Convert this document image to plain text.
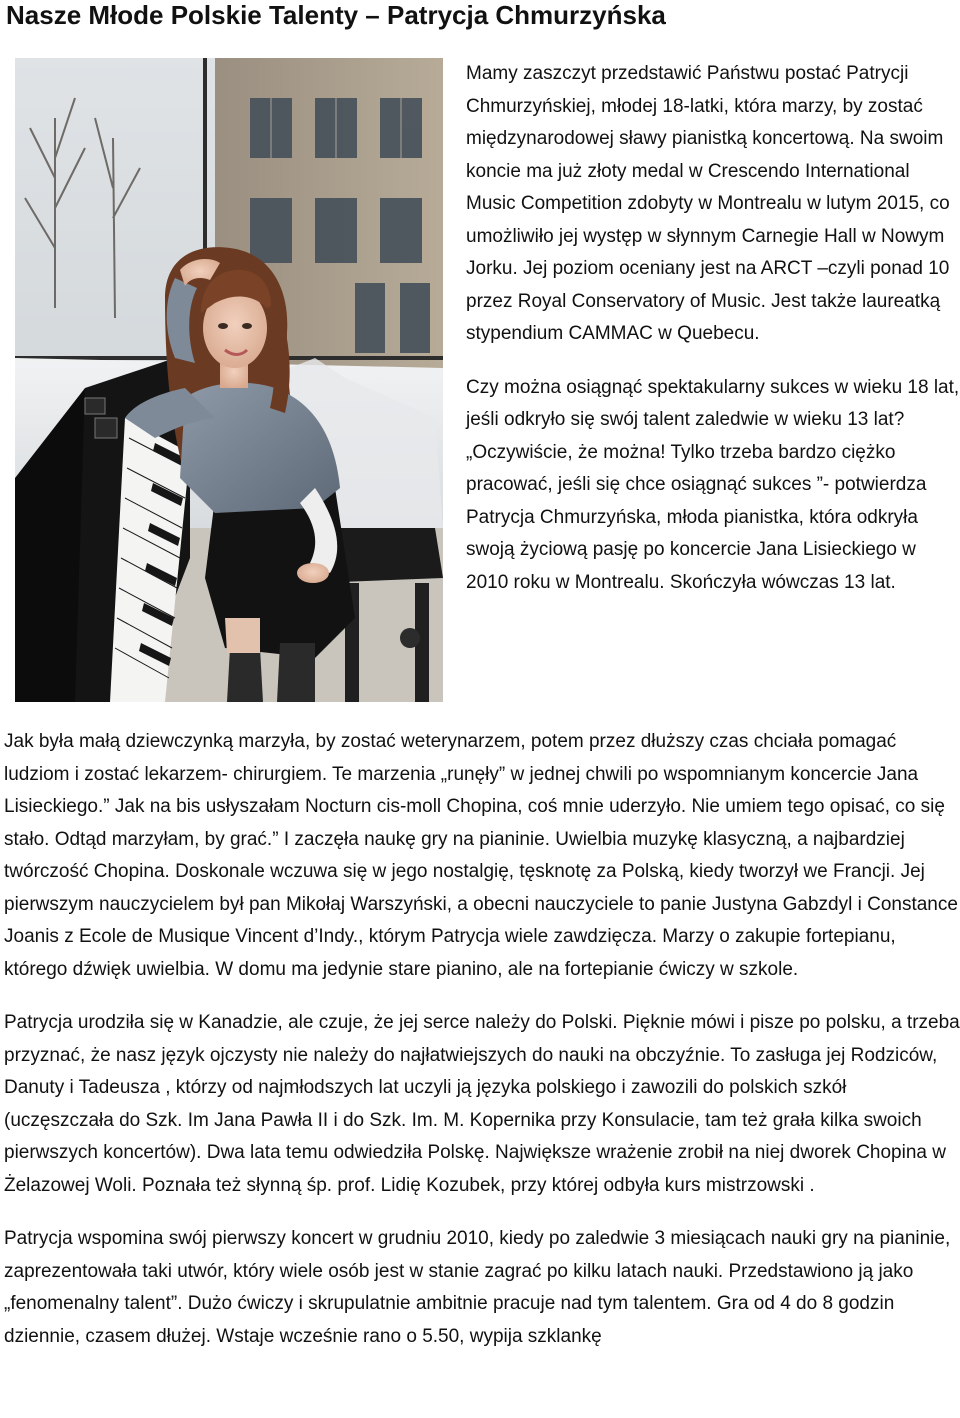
Nasze Młode Polskie Talenty – Patrycja Chmurzyńska

Mamy zaszczyt przedstawić Państwu postać Patrycji Chmurzyńskiej, młodej 18-latki, która marzy, by zostać międzynarodowej sławy pianistką koncertową. Na swoim koncie ma już złoty medal w Crescendo International Music Competition zdobyty w Montrealu w lutym 2015, co umożliwiło jej występ w słynnym Carnegie Hall w Nowym Jorku. Jej poziom oceniany jest na ARCT –czyli ponad 10 przez Royal Conservatory of Music. Jest także laureatką stypendium CAMMAC w Quebecu.

Czy można osiągnąć spektakularny sukces w wieku 18 lat, jeśli odkryło się swój talent zaledwie w wieku 13 lat? „Oczywiście, że można! Tylko trzeba bardzo ciężko pracować, jeśli się chce osiągnąć sukces ”- potwierdza Patrycja Chmurzyńska, młoda pianistka, która odkryła swoją życiową pasję po koncercie Jana Lisieckiego w 2010 roku w Montrealu. Skończyła wówczas 13 lat.

Jak była małą dziewczynką marzyła, by zostać weterynarzem, potem przez dłuższy czas chciała pomagać ludziom i zostać lekarzem- chirurgiem. Te marzenia „runęły” w jednej chwili po wspomnianym koncercie Jana Lisieckiego.” Jak na bis usłyszałam Nocturn cis-moll Chopina, coś mnie uderzyło. Nie umiem tego opisać, co się stało. Odtąd marzyłam, by grać.” I zaczęła naukę gry na pianinie. Uwielbia muzykę klasyczną, a najbardziej twórczość Chopina. Doskonale wczuwa się w jego nostalgię, tęsknotę za Polską, kiedy tworzył we Francji. Jej pierwszym nauczycielem był pan Mikołaj Warszyński, a obecni nauczyciele to panie Justyna Gabzdyl i Constance Joanis z Ecole de Musique Vincent d’Indy., którym Patrycja wiele zawdzięcza. Marzy o zakupie fortepianu, którego dźwięk uwielbia. W domu ma jedynie stare pianino, ale na fortepianie ćwiczy w szkole.

Patrycja urodziła się w Kanadzie, ale czuje, że jej serce należy do Polski. Pięknie mówi i pisze po polsku, a trzeba przyznać, że nasz język ojczysty nie należy do najłatwiejszych do nauki na obczyźnie. To zasługa jej Rodziców, Danuty i Tadeusza , którzy od najmłodszych lat uczyli ją języka polskiego i zawozili do polskich szkół (uczęszczała do Szk. Im Jana Pawła II i do Szk. Im. M. Kopernika przy Konsulacie, tam też grała kilka swoich pierwszych koncertów). Dwa lata temu odwiedziła Polskę. Największe wrażenie zrobił na niej dworek Chopina w Żelazowej Woli. Poznała też słynną śp. prof. Lidię Kozubek, przy której odbyła kurs mistrzowski .

Patrycja wspomina swój pierwszy koncert w grudniu 2010, kiedy po zaledwie 3 miesiącach nauki gry na pianinie, zaprezentowała taki utwór, który wiele osób jest w stanie zagrać po kilku latach nauki. Przedstawiono ją jako „fenomenalny talent”. Dużo ćwiczy i skrupulatnie ambitnie pracuje nad tym talentem. Gra od 4 do 8 godzin dziennie, czasem dłużej. Wstaje wcześnie rano o 5.50, wypija szklankę
